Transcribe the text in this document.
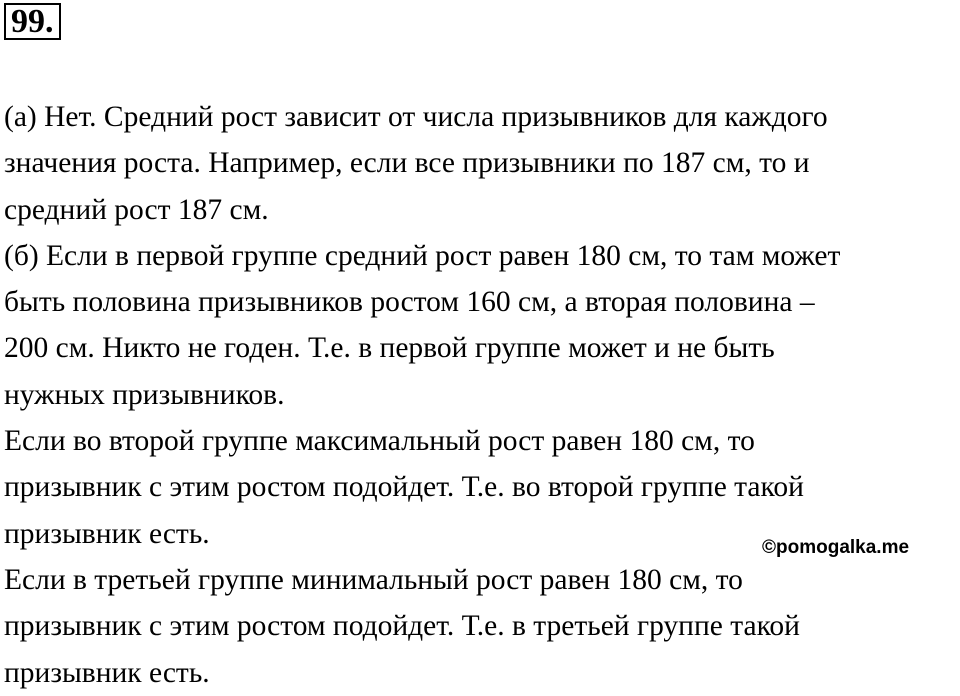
99.
(а) Нет. Средний рост зависит от числа призывников для каждого
значения роста. Например, если все призывники по 187 см, то и
средний рост 187 см.
(б) Если в первой группе средний рост равен 180 см, то там может
быть половина призывников ростом 160 см, а вторая половина –
200 см. Никто не годен. Т.е. в первой группе может и не быть
нужных призывников.
Если во второй группе максимальный рост равен 180 см, то
призывник с этим ростом подойдет. Т.е. во второй группе такой
призывник есть.
Если в третьей группе минимальный рост равен 180 см, то
призывник с этим ростом подойдет. Т.е. в третьей группе такой
призывник есть.
©pomogalka.me
